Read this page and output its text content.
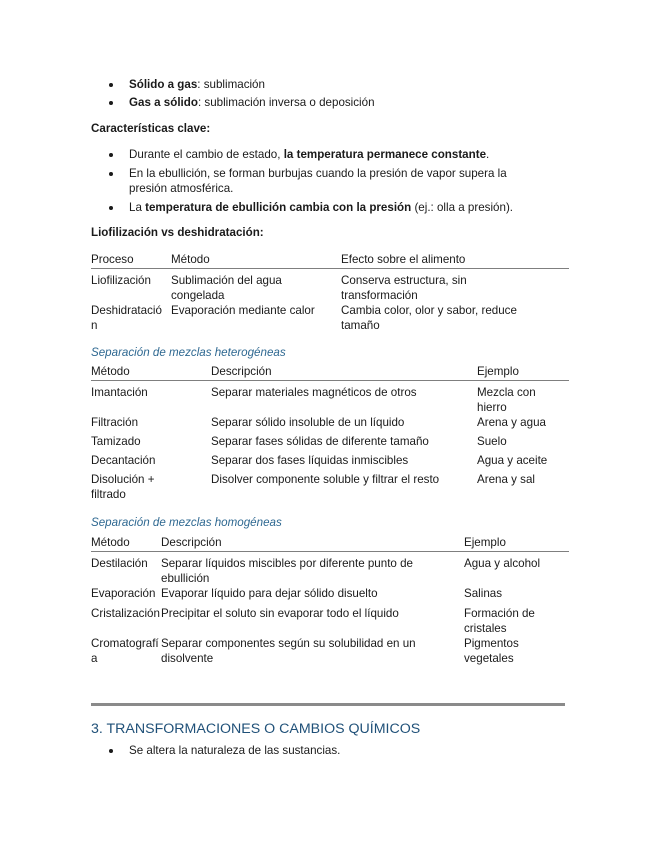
Sólido a gas: sublimación
Gas a sólido: sublimación inversa o deposición
Características clave:
Durante el cambio de estado, la temperatura permanece constante.
En la ebullición, se forman burbujas cuando la presión de vapor supera la presión atmosférica.
La temperatura de ebullición cambia con la presión (ej.: olla a presión).
Liofilización vs deshidratación:
Proceso	Método	Efecto sobre el alimento
Liofilización	Sublimación del agua congelada	Conserva estructura, sin transformación
Deshidratación	Evaporación mediante calor	Cambia color, olor y sabor, reduce tamaño
Separación de mezclas heterogéneas
Método	Descripción	Ejemplo
Imantación	Separar materiales magnéticos de otros	Mezcla con hierro
Filtración	Separar sólido insoluble de un líquido	Arena y agua
Tamizado	Separar fases sólidas de diferente tamaño	Suelo
Decantación	Separar dos fases líquidas inmiscibles	Agua y aceite
Disolución + filtrado	Disolver componente soluble y filtrar el resto	Arena y sal
Separación de mezclas homogéneas
Método	Descripción	Ejemplo
Destilación	Separar líquidos miscibles por diferente punto de ebullición	Agua y alcohol
Evaporación	Evaporar líquido para dejar sólido disuelto	Salinas
Cristalización	Precipitar el soluto sin evaporar todo el líquido	Formación de cristales
Cromatografía	Separar componentes según su solubilidad en un disolvente	Pigmentos vegetales
3. TRANSFORMACIONES O CAMBIOS QUÍMICOS
Se altera la naturaleza de las sustancias.
